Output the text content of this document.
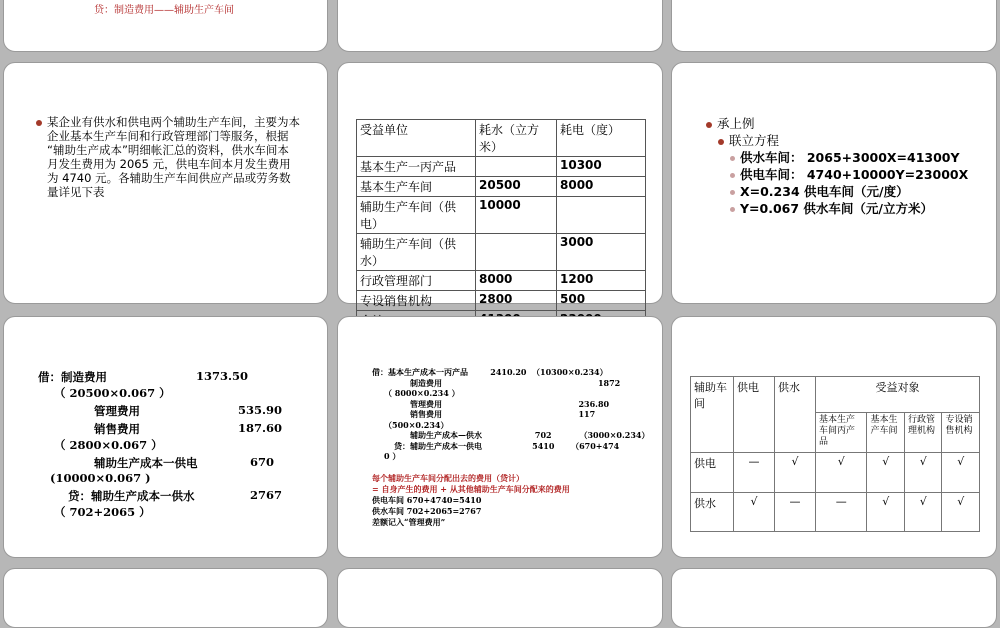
贷：制造费用——辅助生产车间
某企业有供水和供电两个辅助生产车间，主要为本
企业基本生产车间和行政管理部门等服务，根据
“辅助生产成本”明细帐汇总的资料，供水车间本
月发生费用为 2065 元，供电车间本月发生费用
为 4740 元。各辅助生产车间供应产品或劳务数
量详见下表
受益单位	耗水（立方米）	耗电（度）
基本生产一丙产品		10300
基本生产车间	20500	8000
辅助生产车间（供电）	10000	
辅助生产车间（供水）		3000
行政管理部门	8000	1200
专设销售机构	2800	500

承上例
联立方程
供水车间： 2065+3000X=41300Y
供电车间： 4740+10000Y=23000X
X=0.234 供电车间（元/度）
Y=0.067 供水车间（元/立方米）
借：制造费用	1373.50
（ 20500×0.067 ）
管理费用	535.90
销售费用	187.60
（ 2800×0.067 ）
辅助生产成本一供电	670
(10000×0.067 )
贷：辅助生产成本一供水	2767
（ 702+2065 ）

借：基本生产成本一丙产品        2410.20  （10300×0.234）

制造费用                                                        1872

（ 8000×0.234 ）

管理费用                                                 236.80

销售费用                                                 117

（500×0.234）

辅助生产成本—供水                   702          （3000×0.234）

贷：辅助生产成本一供电                  5410      （670+474

0 ）

每个辅助生产车间分配出去的费用（贷计）
= 自身产生的费用 + 从其他辅助生产车间分配来的费用
供电车间 670+4740=5410
供水车间 702+2065=2767
差额记入“管理费用”
辅助车间	供电	供水	受益对象			
			基本生产车间丙产品	基本生产车间	行政管理机构	专设销售机构
供电	—	√	√	√	√	√
供水	√	—	—	√	√	√
